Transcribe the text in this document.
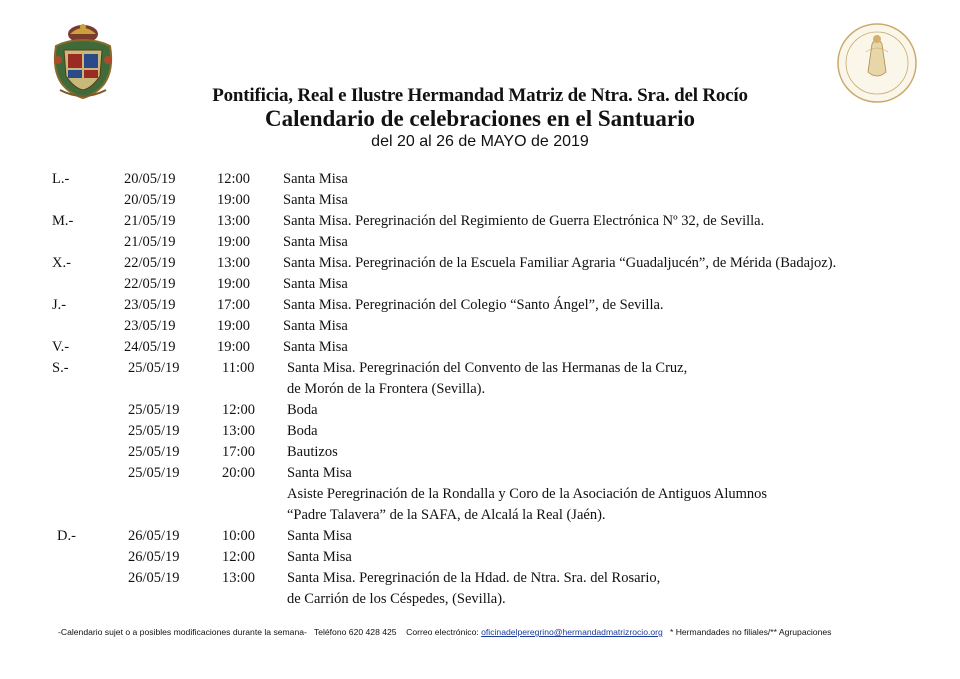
Pontificia, Real e Ilustre Hermandad Matriz de Ntra. Sra. del Rocío
Calendario de celebraciones en el Santuario
del 20 al 26 de MAYO de 2019
L.-	20/05/19	12:00 Santa Misa
20/05/19	19:00 Santa Misa
M.-	21/05/19	13:00 Santa Misa. Peregrinación del Regimiento de Guerra Electrónica Nº 32, de Sevilla.
21/05/19	19:00 Santa Misa
X.-	22/05/19	13:00 Santa Misa. Peregrinación de la Escuela Familiar Agraria “Guadaljucén”, de Mérida (Badajoz).
22/05/19	19:00 Santa Misa
J.-	23/05/19	17:00 Santa Misa. Peregrinación del Colegio “Santo Ángel”, de Sevilla.
23/05/19	19:00 Santa Misa
V.-	24/05/19	19:00 Santa Misa
S.-	25/05/19	11:00 Santa Misa. Peregrinación del Convento de las Hermanas de la Cruz,
de Morón de la Frontera (Sevilla).
25/05/19	12:00 Boda
25/05/19	13:00 Boda
25/05/19	17:00 Bautizos
25/05/19	20:00 Santa Misa
Asiste Peregrinación de la Rondalla y Coro de la Asociación de Antiguos Alumnos
“Padre Talavera” de la SAFA, de Alcalá la Real (Jaén).
D.-	26/05/19	10:00 Santa Misa
26/05/19	12:00 Santa Misa
26/05/19	13:00 Santa Misa. Peregrinación de la Hdad. de Ntra. Sra. del Rosario,
de Carrión de los Céspedes, (Sevilla).
-Calendario sujet o a posibles modificaciones durante la semana- Teléfono 620 428 425 Correo electrónico: oficinadelperegrino@hermandadmatrizrocio.org * Hermandades no filiales/** Agrupaciones
